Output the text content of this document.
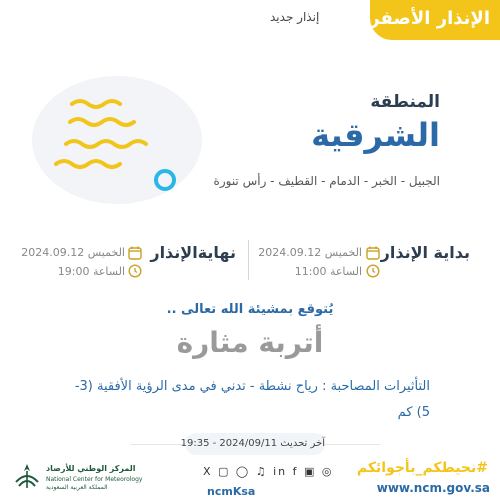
الإنذار الأصفر
إنذار جديد
المنطقة
الشرقية
الجبيل - الخبر - الدمام - القطيف - رأس تنورة
بداية الإنذار
الخميس 2024.09.12
الساعة 11:00
نهايةالإنذار
الخميس 2024.09.12
الساعة 19:00
يُتوقع بمشيئة الله تعالى ..
أتربة مثارة
التأثيرات المصاحبة : رياح نشطة - تدني في مدى الرؤية الأفقية (3-5) كم
آخر تحديث 2024/09/11 - 19:35
#نحيطكم_بأجوائكم
www.ncm.gov.sa
X ▢ ◯ ♫ in f ▣ ◎
ncmKsa
المركز الوطني للأرصاد
National Center for Meteorology
المملكة العربية السعودية
